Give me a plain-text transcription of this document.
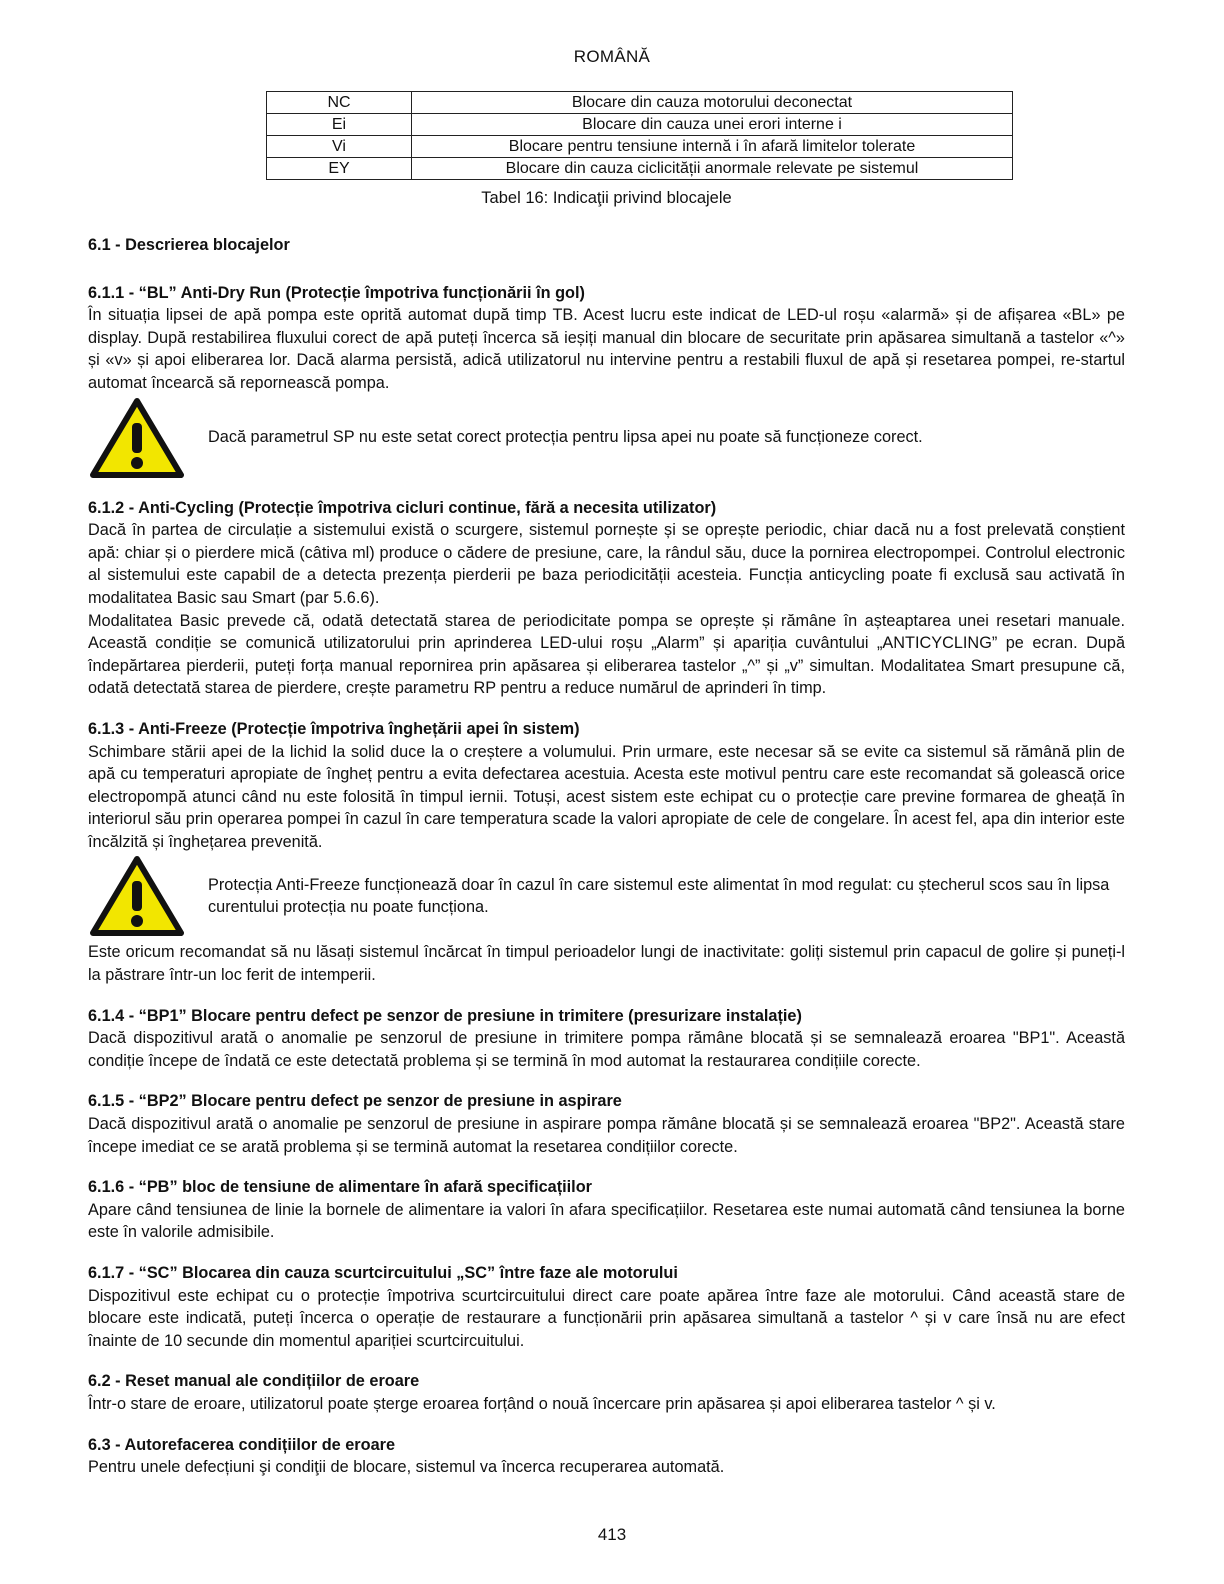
ROMÂNĂ
NC	Blocare din cauza motorului deconectat
Ei	Blocare din cauza unei erori interne i
Vi	Blocare pentru tensiune internă i în afară limitelor tolerate
EY	Blocare din cauza ciclicității anormale relevate pe sistemul
Tabel 16: Indicaţii privind blocajele

6.1 - Descrierea blocajelor

6.1.1 - “BL” Anti-Dry Run (Protecție împotriva funcționării în gol)

În situația lipsei de apă pompa este oprită automat după timp TB. Acest lucru este indicat de LED-ul roșu «alarmă» și de afișarea «BL» pe display. După restabilirea fluxului corect de apă puteți încerca să ieșiți manual din blocare de securitate prin apăsarea simultană a tastelor «^» și «v» și apoi eliberarea lor. Dacă alarma persistă, adică utilizatorul nu intervine pentru a restabili fluxul de apă și resetarea pompei, re-startul automat încearcă să repornească pompa.

Dacă parametrul SP nu este setat corect protecția pentru lipsa apei nu poate să funcționeze corect.

6.1.2 - Anti-Cycling (Protecție împotriva cicluri continue, fără a necesita utilizator)

Dacă în partea de circulație a sistemului există o scurgere, sistemul pornește și se oprește periodic, chiar dacă nu a fost prelevată conștient apă: chiar și o pierdere mică (câtiva ml) produce o cădere de presiune, care, la rândul său, duce la pornirea electropompei. Controlul electronic al sistemului este capabil de a detecta prezența pierderii pe baza periodicității acesteia. Funcția anticycling poate fi exclusă sau activată în modalitatea Basic sau Smart (par 5.6.6).

Modalitatea Basic prevede că, odată detectată starea de periodicitate pompa se oprește și rămâne în așteaptarea unei resetari manuale. Această condiție se comunică utilizatorului prin aprinderea LED-ului roșu „Alarm” și apariția cuvântului „ANTICYCLING” pe ecran. După îndepărtarea pierderii, puteți forța manual repornirea prin apăsarea și eliberarea tastelor „^” și „v” simultan. Modalitatea Smart presupune că, odată detectată starea de pierdere, crește parametru RP pentru a reduce numărul de aprinderi în timp.

6.1.3 - Anti-Freeze (Protecție împotriva înghețării apei în sistem)

Schimbare stării apei de la lichid la solid duce la o creștere a volumului. Prin urmare, este necesar să se evite ca sistemul să rămână plin de apă cu temperaturi apropiate de îngheț pentru a evita defectarea acestuia. Acesta este motivul pentru care este recomandat să golească orice electropompă atunci când nu este folosită în timpul iernii. Totuși, acest sistem este echipat cu o protecție care previne formarea de gheață în interiorul său prin operarea pompei în cazul în care temperatura scade la valori apropiate de cele de congelare. În acest fel, apa din interior este încălzită și înghețarea prevenită.

Protecția Anti-Freeze funcționează doar în cazul în care sistemul este alimentat în mod regulat: cu ștecherul scos sau în lipsa curentului protecția nu poate funcționa.

Este oricum recomandat să nu lăsați sistemul încărcat în timpul perioadelor lungi de inactivitate: goliți sistemul prin capacul de golire și puneți-l la păstrare într-un loc ferit de intemperii.

6.1.4 - “BP1” Blocare pentru defect pe senzor de presiune in trimitere (presurizare instalație)

Dacă dispozitivul arată o anomalie pe senzorul de presiune in trimitere pompa rămâne blocată și se semnalează eroarea "BP1". Această condiție începe de îndată ce este detectată problema și se termină în mod automat la restaurarea condițiile corecte.

6.1.5 - “BP2” Blocare pentru defect pe senzor de presiune in aspirare

Dacă dispozitivul arată o anomalie pe senzorul de presiune in aspirare pompa rămâne blocată și se semnalează eroarea "BP2". Această stare începe imediat ce se arată problema și se termină automat la resetarea condițiilor corecte.

6.1.6 - “PB” bloc de tensiune de alimentare în afară specificațiilor

Apare când tensiunea de linie la bornele de alimentare ia valori în afara specificațiilor. Resetarea este numai automată când tensiunea la borne este în valorile admisibile.

6.1.7 - “SC” Blocarea din cauza scurtcircuitului „SC” între faze ale motorului

Dispozitivul este echipat cu o protecție împotriva scurtcircuitului direct care poate apărea între faze ale motorului. Când această stare de blocare este indicată, puteți încerca o operație de restaurare a funcționării prin apăsarea simultană a tastelor ^ și v care însă nu are efect înainte de 10 secunde din momentul apariției scurtcircuitului.

6.2 - Reset manual ale condițiilor de eroare

Într-o stare de eroare, utilizatorul poate șterge eroarea forțând o nouă încercare prin apăsarea și apoi eliberarea tastelor ^ și v.

6.3 - Autorefacerea condițiilor de eroare

Pentru unele defecțiuni şi condiţii de blocare, sistemul va încerca recuperarea automată.

413
